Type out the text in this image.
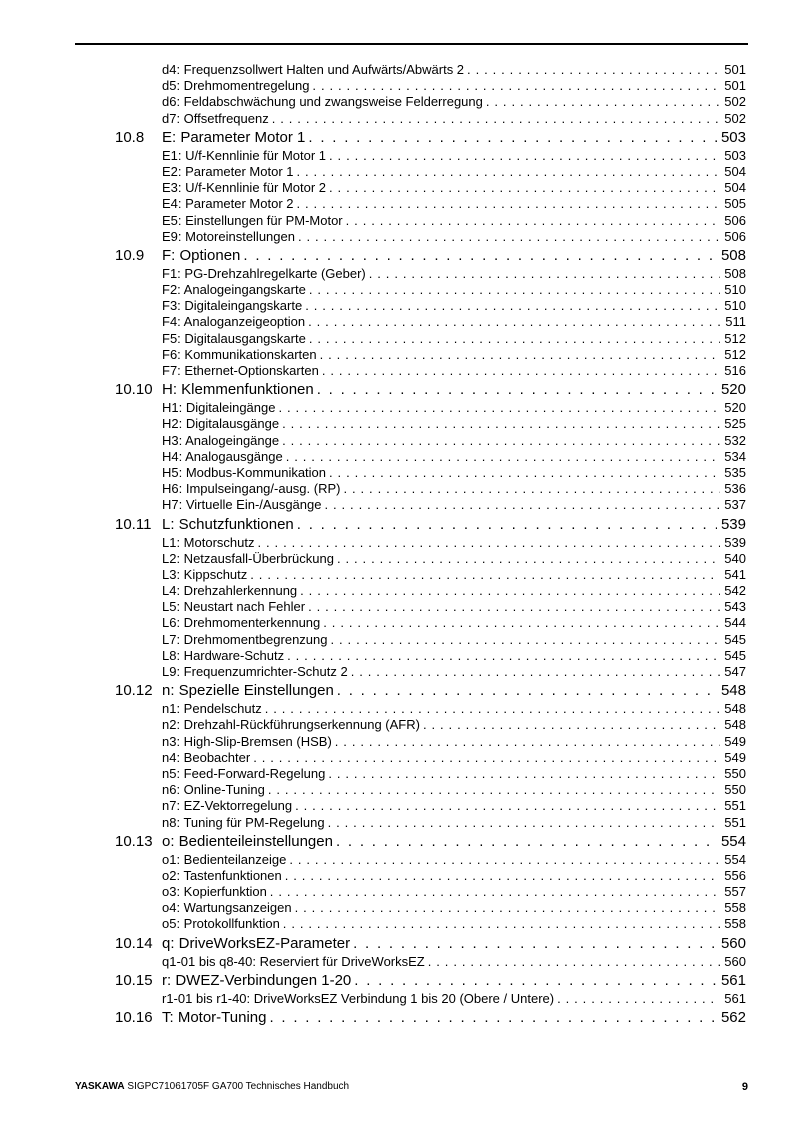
d4: Frequenzsollwert Halten und Aufwärts/Abwärts 2 . . .	501
d5: Drehmomentregelung . . .	501
d6: Feldabschwächung und zwangsweise Felderregung . . .	502
d7: Offsetfrequenz . . .	502
10.8 E: Parameter Motor 1 . . .	503
E1: U/f-Kennlinie für Motor 1 . . .	503
E2: Parameter Motor 1 . . .	504
E3: U/f-Kennlinie für Motor 2 . . .	504
E4: Parameter Motor 2 . . .	505
E5: Einstellungen für PM-Motor . . .	506
E9: Motoreinstellungen . . .	506
10.9 F: Optionen . . .	508
F1: PG-Drehzahlregelkarte (Geber) . . .	508
F2: Analogeingangskarte . . .	510
F3: Digitaleingangskarte . . .	510
F4: Analoganzeigeoption . . .	511
F5: Digitalausgangskarte . . .	512
F6: Kommunikationskarten . . .	512
F7: Ethernet-Optionskarten . . .	516
10.10 H: Klemmenfunktionen . . .	520
H1: Digitaleingänge . . .	520
H2: Digitalausgänge . . .	525
H3: Analogeingänge . . .	532
H4: Analogausgänge . . .	534
H5: Modbus-Kommunikation . . .	535
H6: Impulseingang/-ausg. (RP) . . .	536
H7: Virtuelle Ein-/Ausgänge . . .	537
10.11 L: Schutzfunktionen . . .	539
L1: Motorschutz . . .	539
L2: Netzausfall-Überbrückung . . .	540
L3: Kippschutz . . .	541
L4: Drehzahlerkennung . . .	542
L5: Neustart nach Fehler . . .	543
L6: Drehmomenterkennung . . .	544
L7: Drehmomentbegrenzung . . .	545
L8: Hardware-Schutz . . .	545
L9: Frequenzumrichter-Schutz 2 . . .	547
10.12 n: Spezielle Einstellungen . . .	548
n1: Pendelschutz . . .	548
n2: Drehzahl-Rückführungserkennung (AFR) . . .	548
n3: High-Slip-Bremsen (HSB) . . .	549
n4: Beobachter . . .	549
n5: Feed-Forward-Regelung . . .	550
n6: Online-Tuning . . .	550
n7: EZ-Vektorregelung . . .	551
n8: Tuning für PM-Regelung . . .	551
10.13 o: Bedienteileinstellungen . . .	554
o1: Bedienteilanzeige . . .	554
o2: Tastenfunktionen . . .	556
o3: Kopierfunktion . . .	557
o4: Wartungsanzeigen . . .	558
o5: Protokollfunktion . . .	558
10.14 q: DriveWorksEZ-Parameter . . .	560
q1-01 bis q8-40: Reserviert für DriveWorksEZ . . .	560
10.15 r: DWEZ-Verbindungen 1-20 . . .	561
r1-01 bis r1-40: DriveWorksEZ Verbindung 1 bis 20 (Obere / Untere) . . .	561
10.16 T: Motor-Tuning . . .	562
YASKAWA SIGPC71061705F GA700 Technisches Handbuch	9
